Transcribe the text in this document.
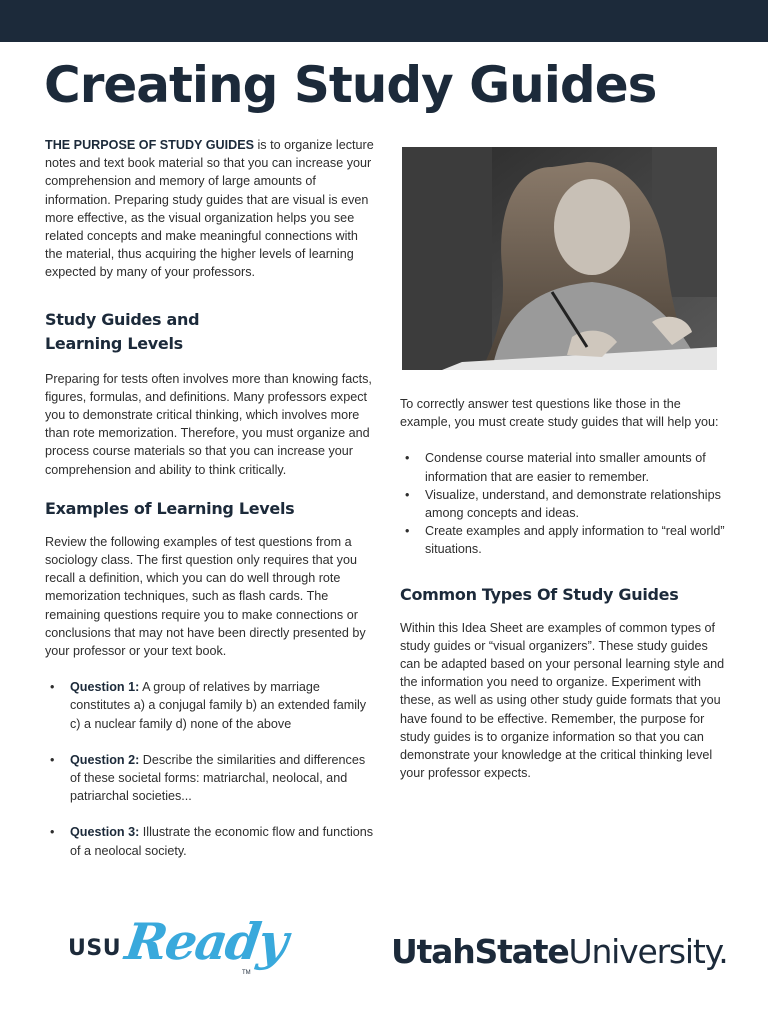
Creating Study Guides

THE PURPOSE OF STUDY GUIDES is to organize lecture notes and text book material so that you can increase your comprehension and memory of large amounts of information. Preparing study guides that are visual is even more effective, as the visual organization helps you see related concepts and make meaningful connections with the material, thus acquiring the higher levels of learning expected by many of your professors.

Study Guides and
Learning Levels

Preparing for tests often involves more than knowing facts, figures, formulas, and definitions. Many professors expect you to demonstrate critical thinking, which involves more than rote memorization. Therefore, you must organize and process course materials so that you can increase your comprehension and ability to think critically.

Examples of Learning Levels

Review the following examples of test questions from a sociology class. The first question only requires that you recall a definition, which you can do well through rote memorization techniques, such as flash cards. The remaining questions require you to make connections or conclusions that may not have been directly presented by your professor or your text book.

• Question 1: A group of relatives by marriage constitutes a) a conjugal family b) an extended family c) a nuclear family d) none of the above
• Question 2: Describe the similarities and differences of these societal forms: matriarchal, neolocal, and patriarchal societies...
• Question 3: Illustrate the economic flow and functions of a neolocal society.

To correctly answer test questions like those in the example, you must create study guides that will help you:

• Condense course material into smaller amounts of information that are easier to remember.
• Visualize, understand, and demonstrate relationships among concepts and ideas.
• Create examples and apply information to “real world” situations.
Common Types Of Study Guides

Within this Idea Sheet are examples of common types of study guides or “visual organizers”. These study guides can be adapted based on your personal learning style and the information you need to organize. Experiment with these, as well as using other study guide formats that you have found to be effective. Remember, the purpose for study guides is to organize information so that you can demonstrate your knowledge at the critical thinking level your professor expects.

USU Ready
TM
UtahStateUniversity.
